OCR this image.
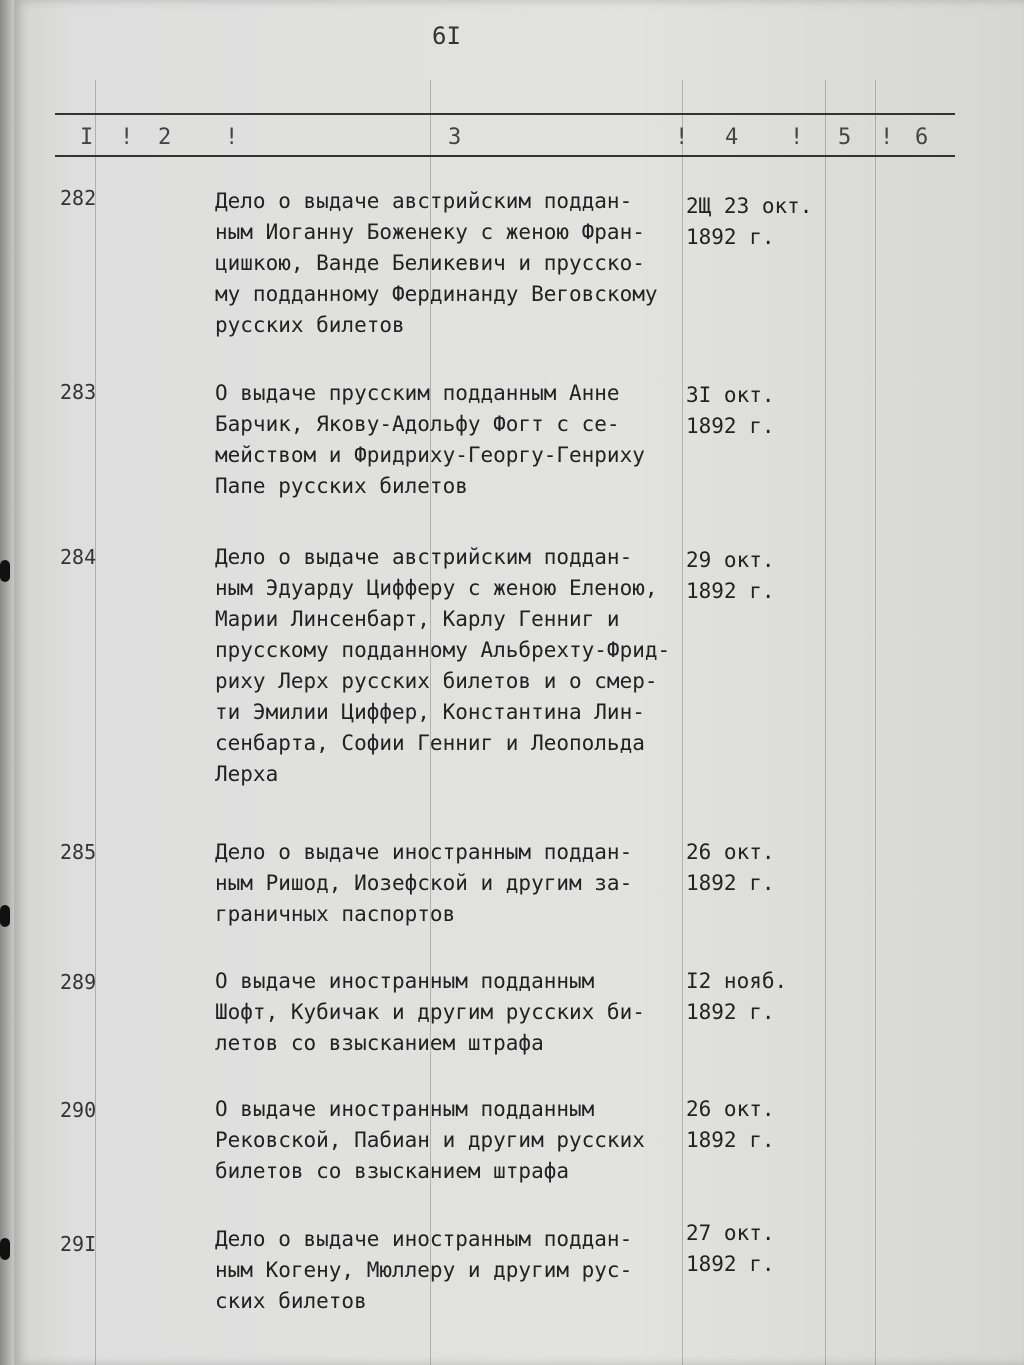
6I
I ! 2 !	3	! 4 ! 5 ! 6
282	Дело о выдаче австрийским поддан-
ным Иоганну Боженеку с женою Фран-
цишкою, Ванде Беликевич и прусско-
му подданному Фердинанду Веговскому
русских билетов
2Щ 23 окт.
1892 г.
283	О выдаче прусским подданным Анне
Барчик, Якову-Адольфу Фогт с се-
мейством и Фридриху-Георгу-Генриху
Папе русских билетов
3I окт.
1892 г.
284	Дело о выдаче австрийским поддан-
ным Эдуарду Цифферу с женою Еленою,
Марии Линсенбарт, Карлу Генниг и
прусскому подданному Альбрехту-Фрид-
риху Лерх русских билетов и о смер-
ти Эмилии Циффер, Константина Лин-
сенбарта, Софии Генниг и Леопольда
Лерха
29 окт.
1892 г.
285	Дело о выдаче иностранным поддан-
ным Ришод, Иозефской и другим за-
граничных паспортов
26 окт.
1892 г.
289	О выдаче иностранным подданным
Шофт, Кубичак и другим русских би-
летов со взысканием штрафа
I2 нояб.
1892 г.
290	О выдаче иностранным подданным
Рековской, Пабиан и другим русских
билетов со взысканием штрафа
26 окт.
1892 г.
29I	Дело о выдаче иностранным поддан-
ным Когену, Мюллеру и другим рус-
ских билетов
27 окт.
1892 г.
